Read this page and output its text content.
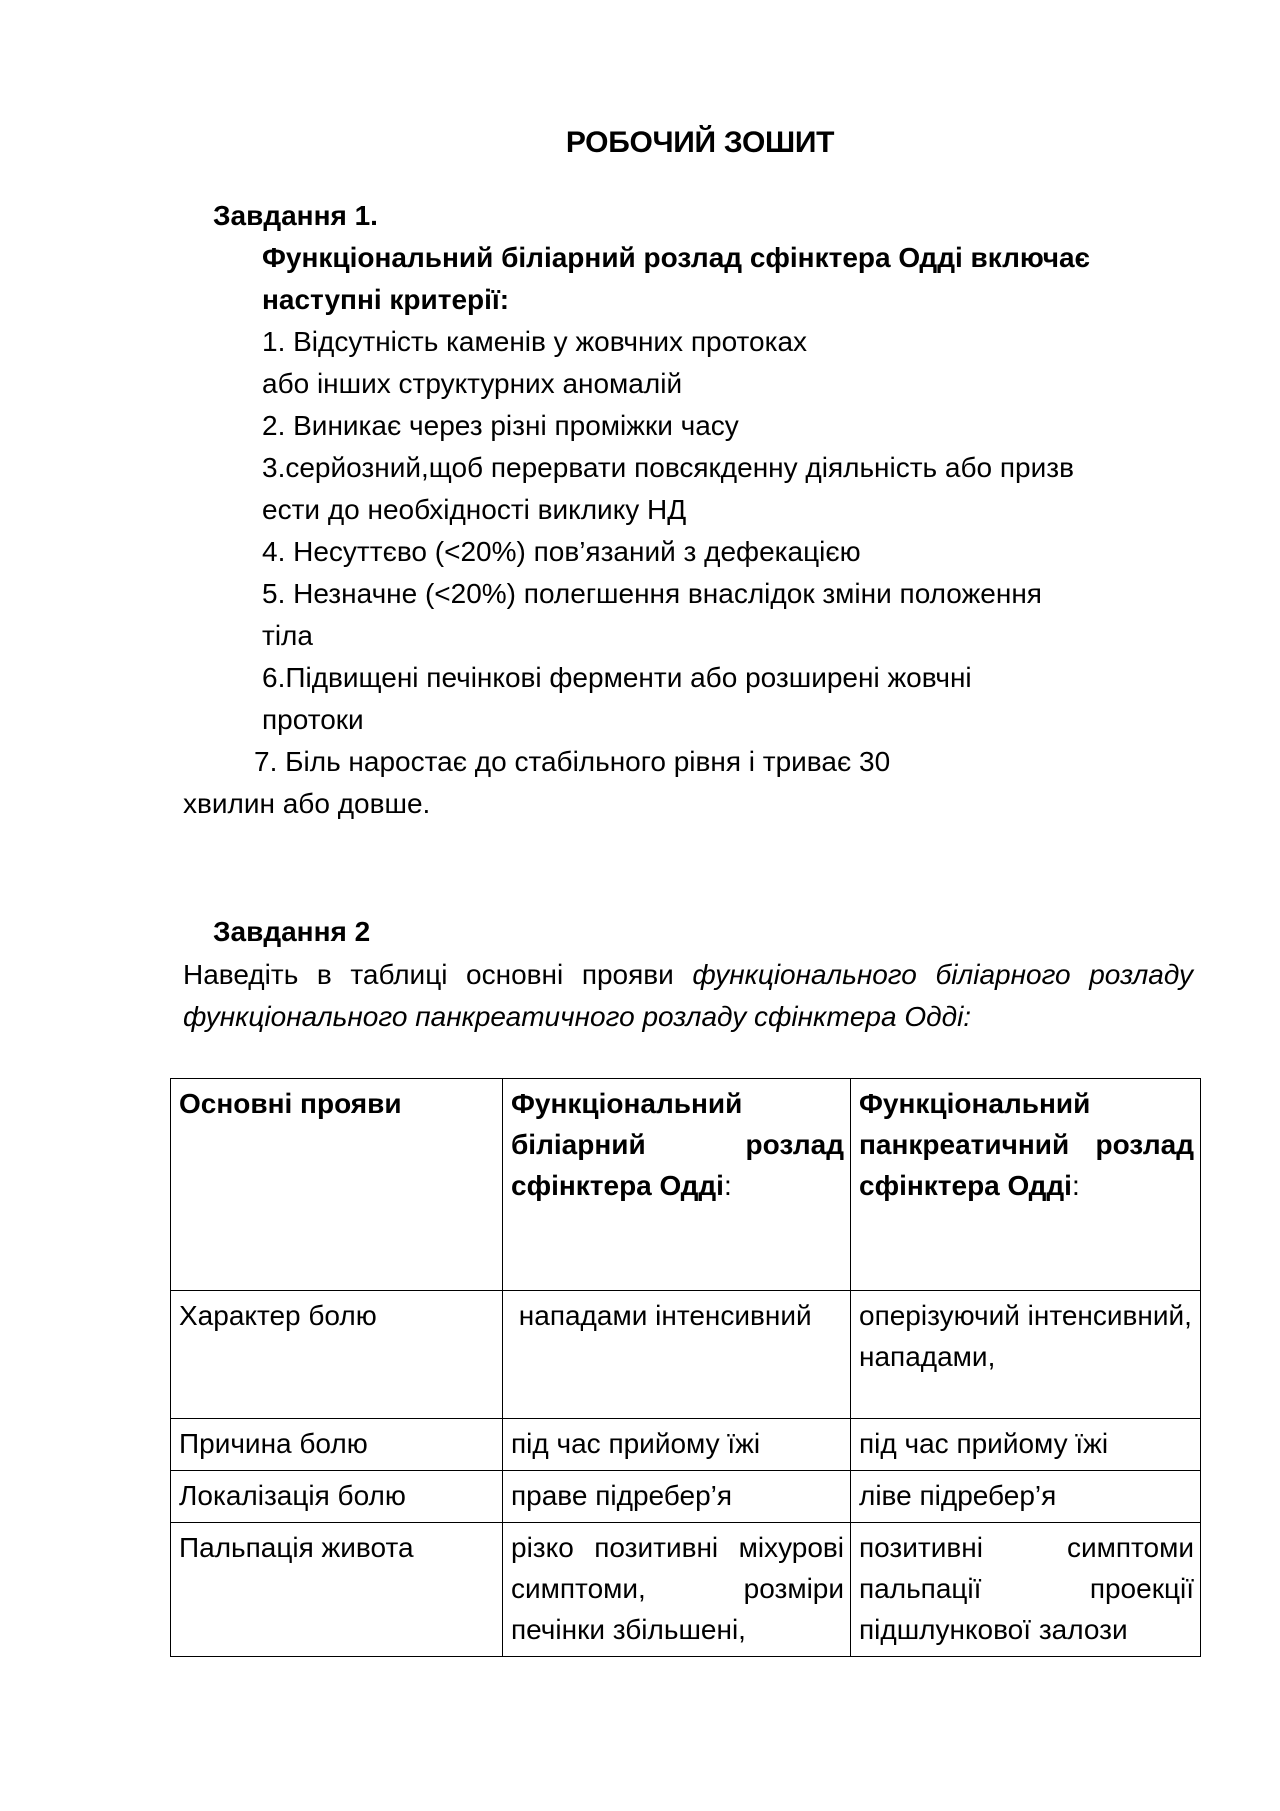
РОБОЧИЙ ЗОШИТ
Завдання 1.
Функціональний біліарний розлад сфінктера Одді включає
наступні критерії:
1. Відсутність каменів у жовчних протоках
або інших структурних аномалій
2. Виникає через різні проміжки часу
3.серйозний,щоб перервати повсякденну діяльність або призв
ести до необхідності виклику НД
4. Несуттєво (<20%) пов’язаний з дефекацією
5. Незначне (<20%) полегшення внаслідок зміни положення
тіла
6.Підвищені печінкові ферменти або розширені жовчні
протоки
7. Біль наростає до стабільного рівня і триває 30
хвилин або довше.
Завдання 2
Наведіть в таблиці основні прояви функціонального біліарного розладу функціонального панкреатичного розладу сфінктера Одді:
Основні прояви	Функціональний біліарний розлад сфінктера Одді:	Функціональний панкреатичний розлад сфінктера Одді:
Характер болю	нападами інтенсивний	оперізуючий інтенсивний, нападами,
Причина болю	під час прийому їжі	під час прийому їжі
Локалізація болю	праве підребер’я	ліве підребер’я
Пальпація живота	різко позитивні міхурові симптоми, розміри печінки збільшені,	позитивні симптоми пальпації проекції підшлункової залози
